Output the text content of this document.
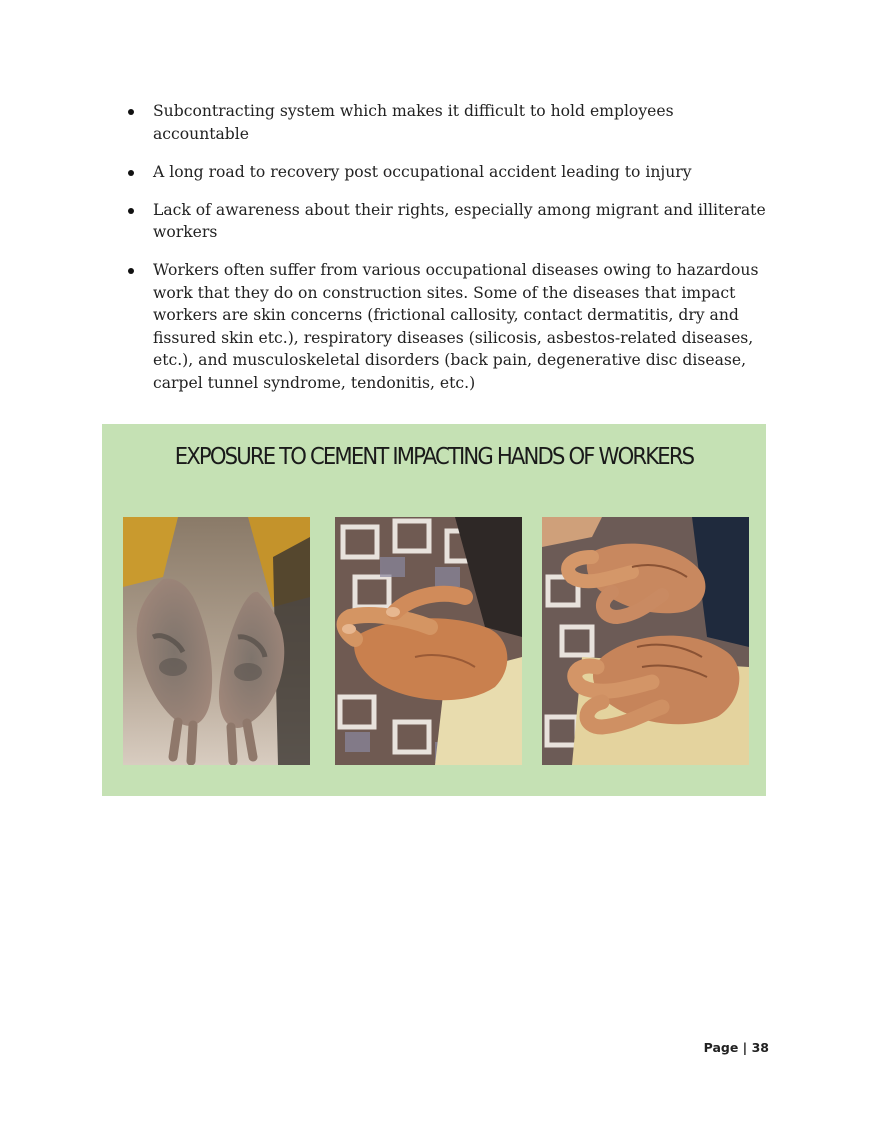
Subcontracting system which makes it difficult to hold employees accountable
A long road to recovery post occupational accident leading to injury
Lack of awareness about their rights, especially among migrant and illiterate workers
Workers often suffer from various occupational diseases owing to hazardous work that they do on construction sites. Some of the diseases that impact workers are skin concerns (frictional callosity, contact dermatitis, dry and fissured skin etc.), respiratory diseases (silicosis, asbestos-related diseases, etc.), and musculoskeletal disorders (back pain, degenerative disc disease, carpel tunnel syndrome, tendonitis, etc.)
EXPOSURE TO CEMENT IMPACTING HANDS OF WORKERS
Page | 38
